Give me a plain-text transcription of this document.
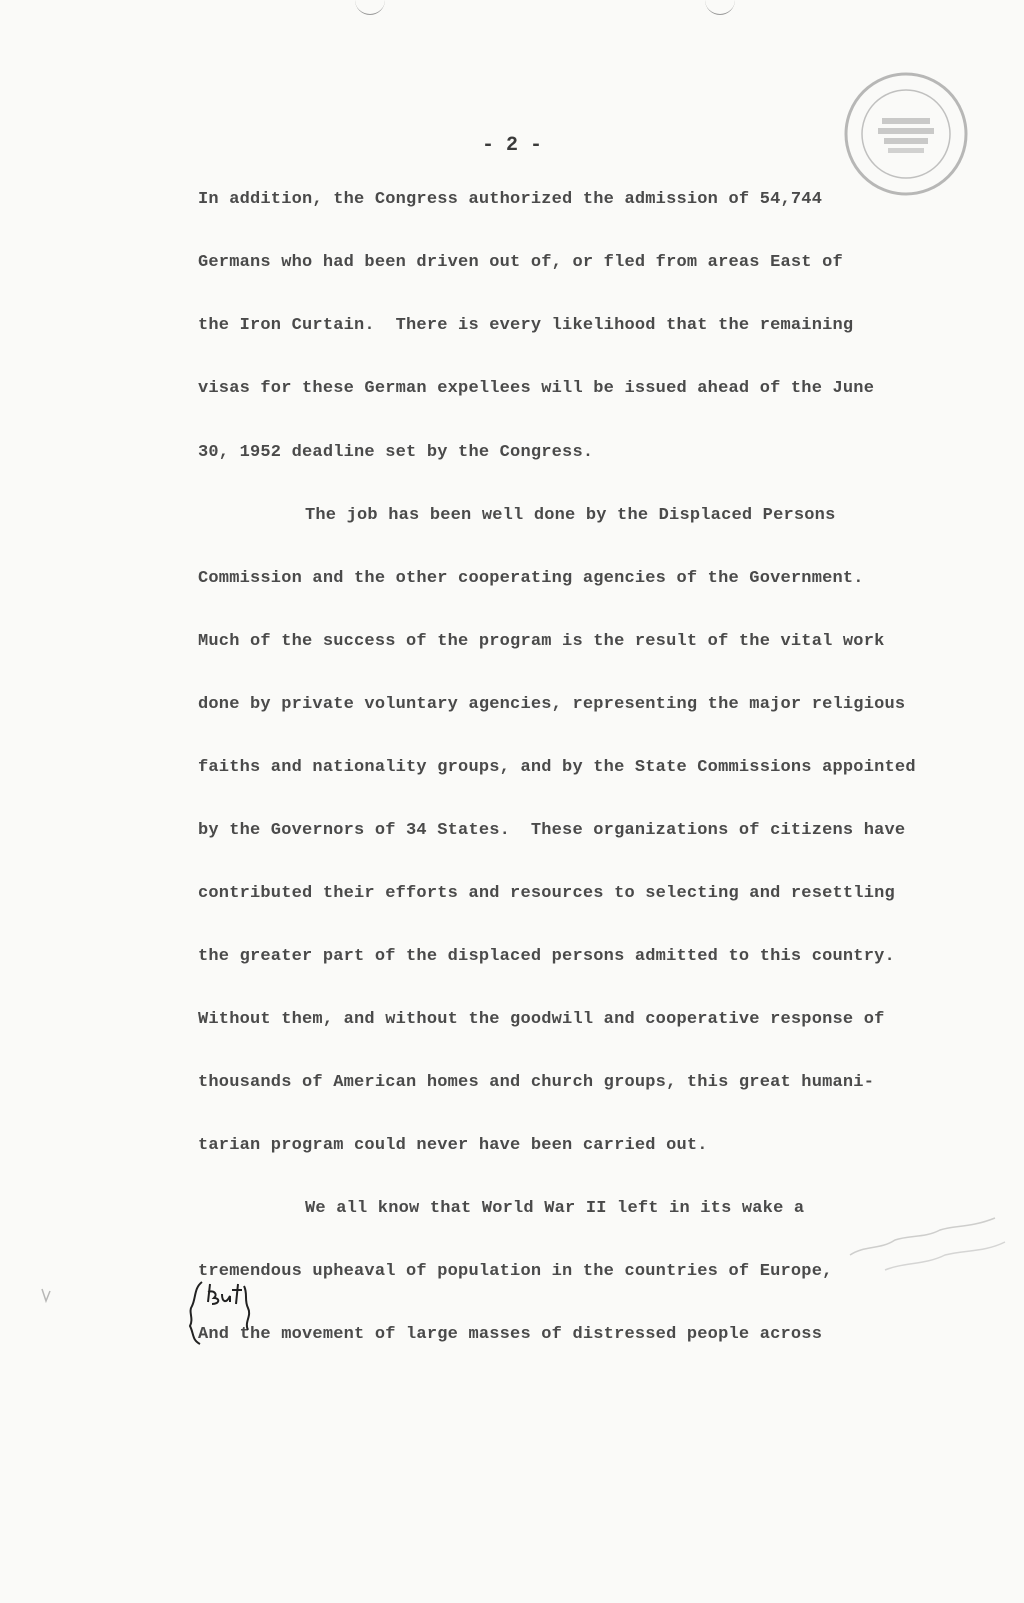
- 2 -

In addition, the Congress authorized the admission of 54,744

Germans who had been driven out of, or fled from areas East of

the Iron Curtain.  There is every likelihood that the remaining

visas for these German expellees will be issued ahead of the June

30, 1952 deadline set by the Congress.

The job has been well done by the Displaced Persons

Commission and the other cooperating agencies of the Government.

Much of the success of the program is the result of the vital work

done by private voluntary agencies, representing the major religious

faiths and nationality groups, and by the State Commissions appointed

by the Governors of 34 States.  These organizations of citizens have

contributed their efforts and resources to selecting and resettling

the greater part of the displaced persons admitted to this country.

Without them, and without the goodwill and cooperative response of

thousands of American homes and church groups, this great humani-

tarian program could never have been carried out.

We all know that World War II left in its wake a

tremendous upheaval of population in the countries of Europe,

And the movement of large masses of distressed people across
